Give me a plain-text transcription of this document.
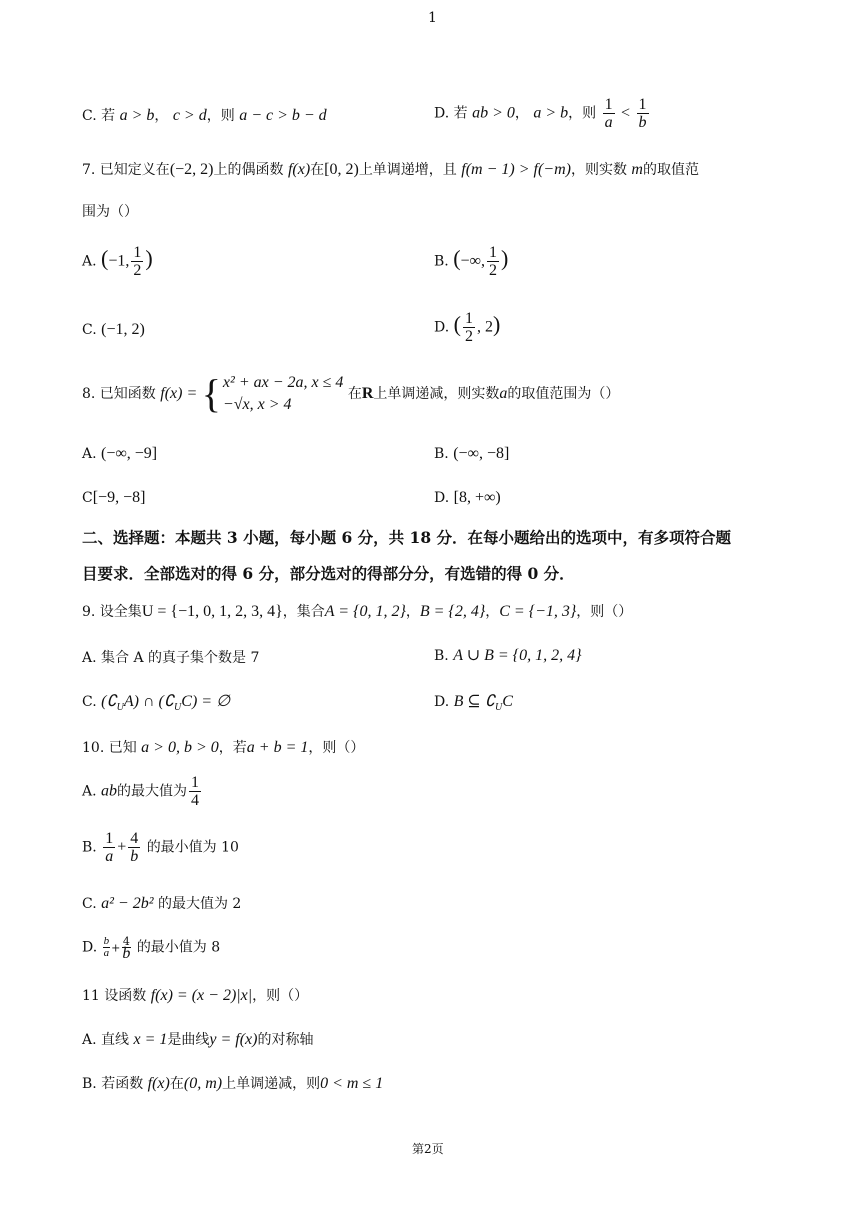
1
C. 若 a > b， c > d，则 a − c > b − d	D. 若 ab > 0， a > b，则 $\frac{1}{a} < \frac{1}{b}$
7. 已知定义在(−2, 2)上的偶函数 f(x)在[0, 2)上单调递增，且 f(m − 1) > f(−m)，则实数 m的取值范
围为（）
A. (−1, $\frac{1}{2}$ )	B. (−∞, $\frac{1}{2}$ )
C. (−1, 2)	D. ( $\frac{1}{2}$ , 2)
8. 已知函数 f(x) = { x² + ax − 2a, x ≤ 4
−√x, x > 4
在R上单调递减，则实数a的取值范围为（）
A. (−∞, −9]	B. (−∞, −8]
C[−9, −8]	D. [8, +∞)
二、选择题：本题共 3 小题，每小题 6 分，共 18 分．在每小题给出的选项中，有多项符合题
目要求．全部选对的得 6 分，部分选对的得部分分，有选错的得 0 分．
9. 设全集U = {−1, 0, 1, 2, 3, 4}，集合A = {0, 1, 2}，B = {2, 4}，C = {−1, 3}，则（）
A. 集合 A 的真子集个数是 7	B. A ∪ B = {0, 1, 2, 4}
C. $(∁_UA)$ ∩ $(∁_UC)$ = ∅	D. B ⊆ $∁_UC$
10. 已知 a > 0, b > 0，若a + b = 1，则（）
A. ab的最大值为 $\frac{1}{4}$
B. $\frac{1}{a} + \frac{4}{b}$ 的最小值为 10
C. a² − 2b² 的最大值为 2
D. $\frac{b}{a} + 4$
b 的最小值为 8
11 设函数 f(x) = (x − 2)|x|，则（）
A. 直线 x = 1是曲线y = f(x)的对称轴
B. 若函数 f(x)在(0, m)上单调递减，则0 < m ≤ 1
第2页
